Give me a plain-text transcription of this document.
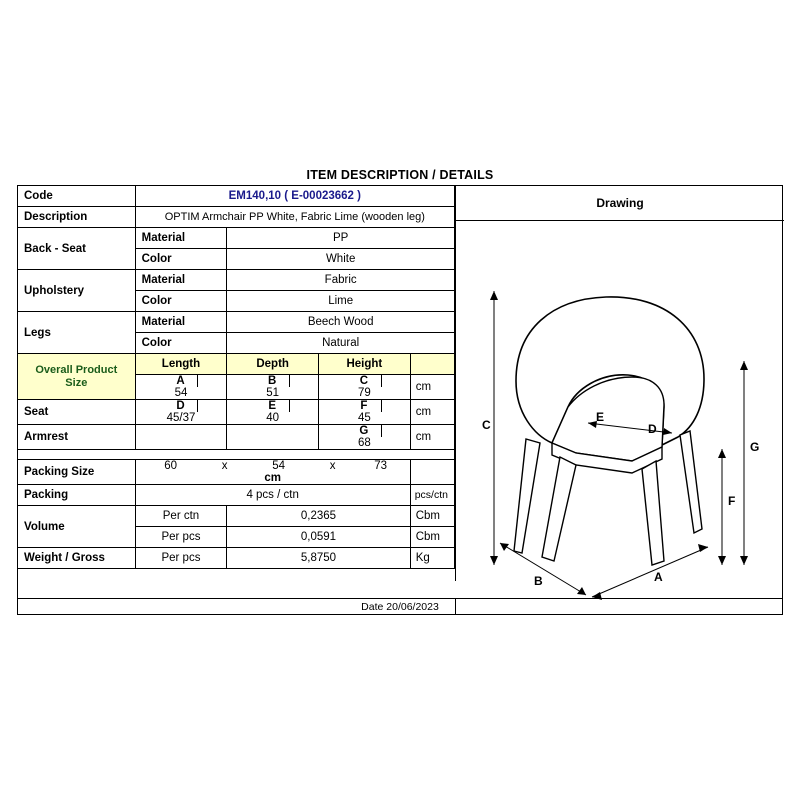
ITEM DESCRIPTION / DETAILS
Code	EM140,10 ( E-00023662 )			
Description	OPTIM Armchair PP White, Fabric Lime (wooden leg)			
Back - Seat	Material	PP		
	Color	White		
Upholstery	Material	Fabric		
	Color	Lime		
Legs	Material	Beech Wood		
	Color	Natural		
Overall Product Size	Length	Depth	Height	
	A54	B51	C79	cm
Seat	D45/37	E40	F45	cm
Armrest			G68	cm

Packing Size	60 x 54 x 73cm			
Packing	4 pcs / ctn			pcs/ctn
Volume	Per ctn	0,2365		Cbm
	Per pcs	0,0591		Cbm
Weight / Gross	Per pcs	5,8750		Kg
Drawing
C
G
F
E
D
B	A
Date 20/06/2023
